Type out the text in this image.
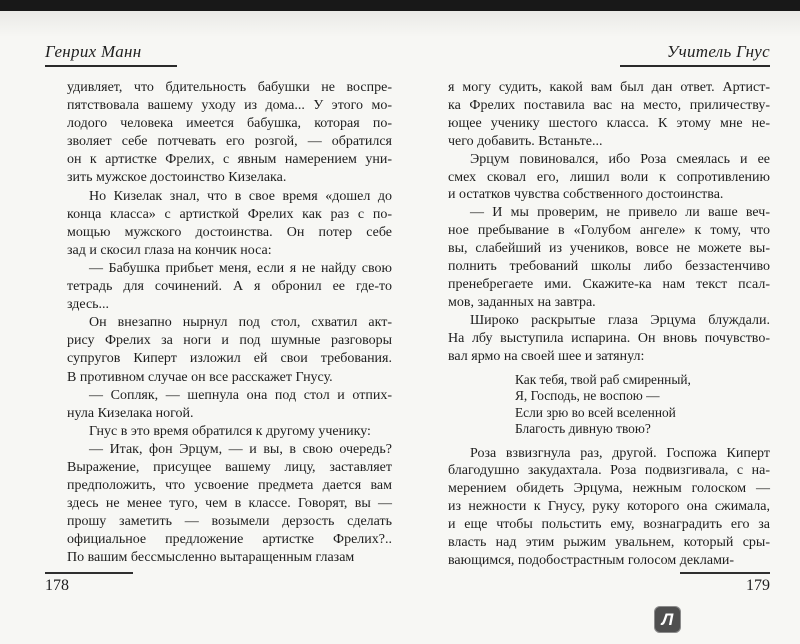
Генрих Манн
удивляет, что бдительность бабушки не воспре-
пятствовала вашему уходу из дома... У этого мо-
лодого человека имеется бабушка, которая по-
зволяет себе потчевать его розгой, — обратился
он к артистке Фрелих, с явным намерением уни-
зить мужское достоинство Кизелака.
Но Кизелак знал, что в свое время «дошел до
конца класса» с артисткой Фрелих как раз с по-
мощью мужского достоинства. Он потер себе
зад и скосил глаза на кончик носа:
— Бабушка прибьет меня, если я не найду свою
тетрадь для сочинений. А я обронил ее где-то
здесь...
Он внезапно нырнул под стол, схватил акт-
рису Фрелих за ноги и под шумные разговоры
супругов Киперт изложил ей свои требования.
В противном случае он все расскажет Гнусу.
— Сопляк, — шепнула она под стол и отпих-
нула Кизелака ногой.
Гнус в это время обратился к другому ученику:
— Итак, фон Эрцум, — и вы, в свою очередь?
Выражение, присущее вашему лицу, заставляет
предположить, что усвоение предмета дается вам
здесь не менее туго, чем в классе. Говорят, вы —
прошу заметить — возымели дерзость сделать
официальное предложение артистке Фрелих?..
По вашим бессмысленно вытаращенным глазам
Учитель Гнус
я могу судить, какой вам был дан ответ. Артист-
ка Фрелих поставила вас на место, приличеству-
ющее ученику шестого класса. К этому мне не-
чего добавить. Встаньте...
Эрцум повиновался, ибо Роза смеялась и ее
смех сковал его, лишил воли к сопротивлению
и остатков чувства собственного достоинства.
— И мы проверим, не привело ли ваше веч-
ное пребывание в «Голубом ангеле» к тому, что
вы, слабейший из учеников, вовсе не можете вы-
полнить требований школы либо беззастенчиво
пренебрегаете ими. Скажите-ка нам текст псал-
мов, заданных на завтра.
Широко раскрытые глаза Эрцума блуждали.
На лбу выступила испарина. Он вновь почувство-
вал ярмо на своей шее и затянул:
Как тебя, твой раб смиренный,
Я, Господь, не воспою —
Если зрю во всей вселенной
Благость дивную твою?
Роза взвизгнула раз, другой. Госпожа Киперт
благодушно закудахтала. Роза подвизгивала, с на-
мерением обидеть Эрцума, нежным голоском —
из нежности к Гнусу, руку которого она сжимала,
и еще чтобы польстить ему, вознаградить его за
власть над этим рыжим увальнем, который сры-
вающимся, подобострастным голосом деклами-
178	179
Л
